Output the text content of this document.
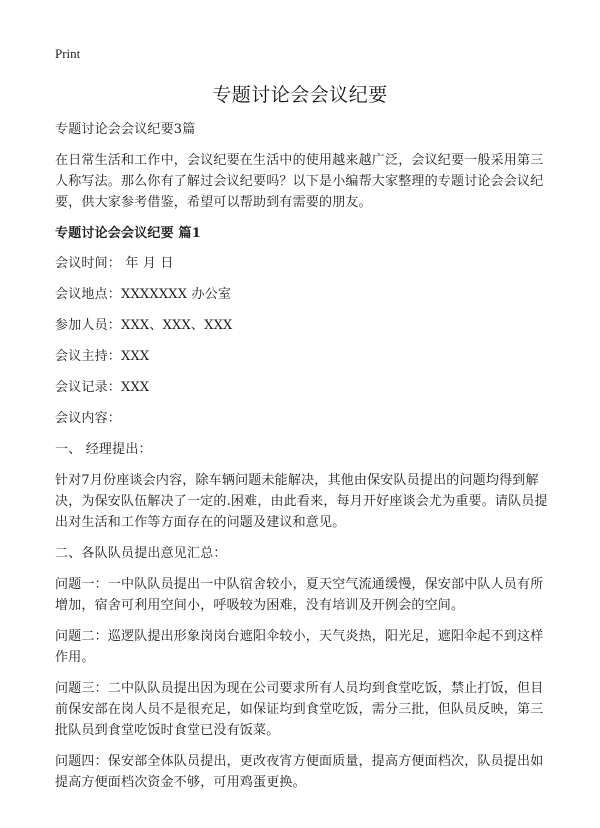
Print
专题讨论会会议纪要

专题讨论会会议纪要3篇

在日常生活和工作中，会议纪要在生活中的使用越来越广泛，会议纪要一般采用第三人称写法。那么你有了解过会议纪要吗？以下是小编帮大家整理的专题讨论会会议纪要，供大家参考借鉴，希望可以帮助到有需要的朋友。

专题讨论会会议纪要 篇1

会议时间： 年 月 日

会议地点：XXXXXXX 办公室

参加人员：XXX、XXX、XXX

会议主持：XXX

会议记录：XXX

会议内容：

一、 经理提出：

针对7月份座谈会内容，除车辆问题未能解决，其他由保安队员提出的问题均得到解决，为保安队伍解决了一定的.困难，由此看来，每月开好座谈会尤为重要。请队员提出对生活和工作等方面存在的问题及建议和意见。

二、各队队员提出意见汇总：

问题一：一中队队员提出一中队宿舍较小，夏天空气流通缓慢，保安部中队人员有所增加，宿舍可利用空间小，呼吸较为困难，没有培训及开例会的空间。

问题二：巡逻队提出形象岗岗台遮阳伞较小，天气炎热，阳光足，遮阳伞起不到这样作用。

问题三：二中队队员提出因为现在公司要求所有人员均到食堂吃饭，禁止打饭，但目前保安部在岗人员不是很充足，如保证均到食堂吃饭，需分三批，但队员反映，第三批队员到食堂吃饭时食堂已没有饭菜。

问题四：保安部全体队员提出，更改夜宵方便面质量，提高方便面档次，队员提出如提高方便面档次资金不够，可用鸡蛋更换。
